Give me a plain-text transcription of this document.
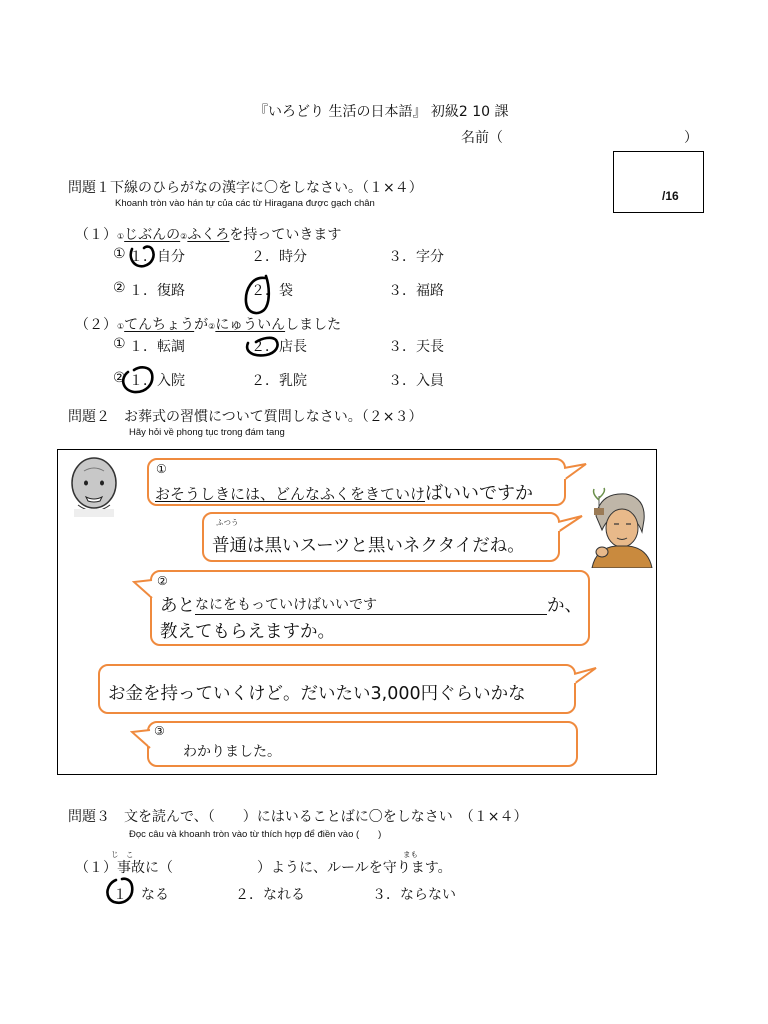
『いろどり 生活の日本語』 初級2 10 課
名前（	）
/16
問題１下線のひらがなの漢字に〇をしなさい。（１×４）
Khoanh tròn vào hán tự của các từ Hiragana được gạch chân
（１）①じぶんの②ふくろを持っていきます
① １．自分	２．時分	３．字分
② １．復路	２．袋	３．福路
（２）①てんちょうが②にゅういんしました
① １．転調	２．店長	３．天長
② １．入院	２．乳院	３．入員
問題２　お葬式の習慣について質問しなさい。（２×３）
Hãy hỏi về phong tục trong đám tang
①
おそうしきには、どんなふくをきていけばいいですか
ふつう
普通は黒いスーツと黒いネクタイだね。
②
あとなにをもっていけばいいです	か、
教えてもらえますか。
お金を持っていくけど。だいたい3,000円ぐらいかな
③
わかりました。
問題３　文を読んで、（　　）にはいることばに〇をしなさい　（１×４）
Đọc câu và khoanh tròn vào từ thích hợp để điền vào (　　)
じ　こ	まも
（１）事故に（　　　　　　）ように、ルールを守ります。
１．なる	２．なれる	３．ならない
